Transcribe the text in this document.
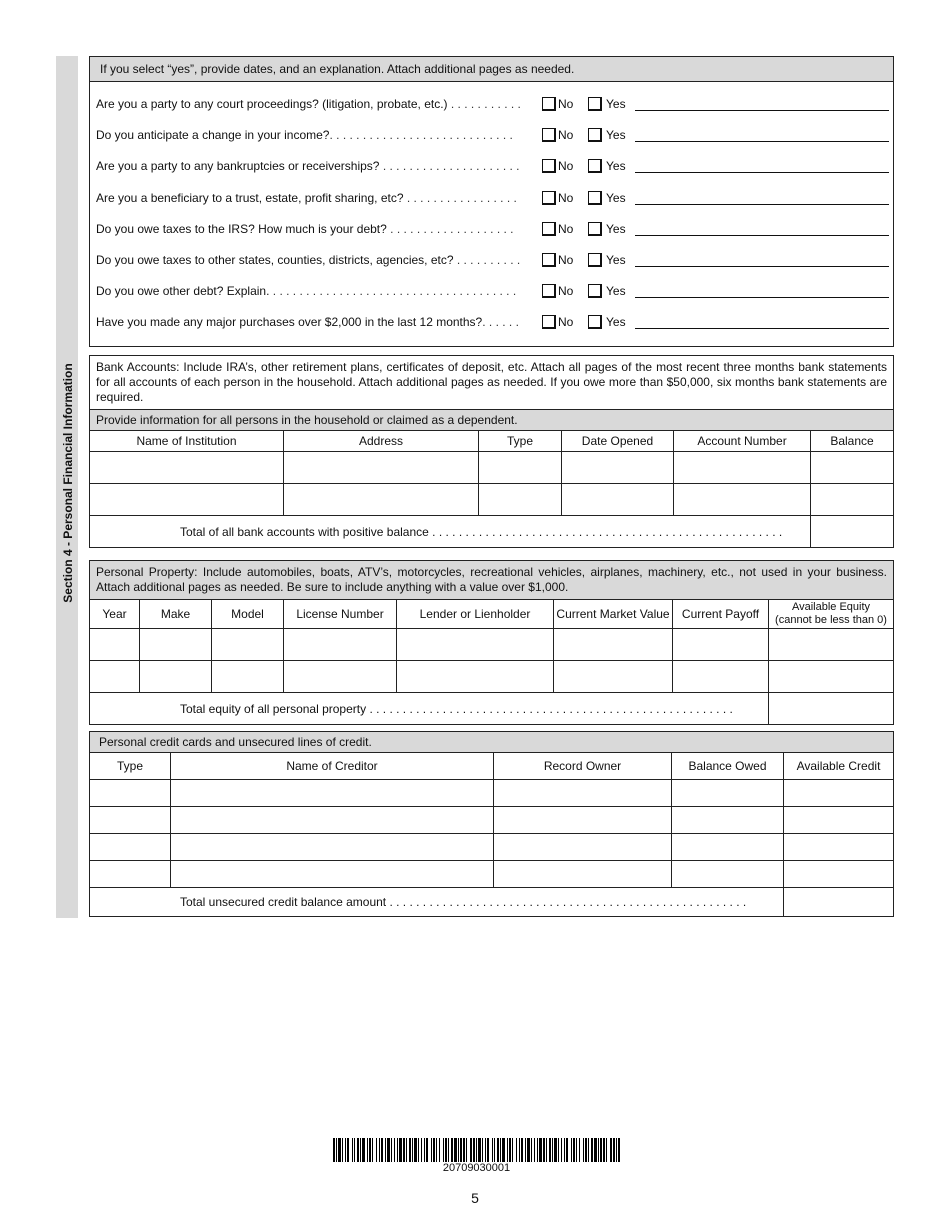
Section 4 - Personal Financial Information
If you select “yes”, provide dates, and an explanation. Attach additional pages as needed.
Are you a party to any court proceedings? (litigation, probate, etc.) . . . . . . . . . . .	No	Yes
Do you anticipate a change in your income?. . . . . . . . . . . . . . . . . . . . . . . . . . . .	No	Yes
Are you a party to any bankruptcies or receiverships? . . . . . . . . . . . . . . . . . . . . .	No	Yes
Are you a beneficiary to a trust, estate, profit sharing, etc? . . . . . . . . . . . . . . . . .	No	Yes
Do you owe taxes to the IRS? How much is your debt? . . . . . . . . . . . . . . . . . . .	No	Yes
Do you owe taxes to other states, counties, districts, agencies, etc? . . . . . . . . . .	No	Yes
Do you owe other debt? Explain. . . . . . . . . . . . . . . . . . . . . . . . . . . . . . . . . . . . . .	No	Yes
Have you made any major purchases over $2,000 in the last 12 months?. . . . . .	No	Yes
Bank Accounts: Include IRA’s, other retirement plans, certificates of deposit, etc. Attach all pages of the most recent three months bank statements for all accounts of each person in the household. Attach additional pages as needed. If you owe more than $50,000, six months bank statements are required.
Provide information for all persons in the household or claimed as a dependent.
Name of Institution	Address	Type	Date Opened	Account Number	Balance

Total of all bank accounts with positive balance . . . . . . . . . . . . . . . . . . . . . . . . . . . . . . . . . . . . . . . . . . . . . . . . . . . . .					
Personal Property: Include automobiles, boats, ATV’s, motorcycles, recreational vehicles, airplanes, machinery, etc., not used in your business. Attach additional pages as needed. Be sure to include anything with a value over $1,000.
Year	Make	Model	License Number	Lender or Lienholder	Current Market Value	Current Payoff	Available Equity
(cannot be less than 0)

Total equity of all personal property . . . . . . . . . . . . . . . . . . . . . . . . . . . . . . . . . . . . . . . . . . . . . . . . . . . . . . .							
Personal credit cards and unsecured lines of credit.
Type	Name of Creditor	Record Owner	Balance Owed	Available Credit

Total unsecured credit balance amount . . . . . . . . . . . . . . . . . . . . . . . . . . . . . . . . . . . . . . . . . . . . . . . . . . . . . .				
20709030001
5
